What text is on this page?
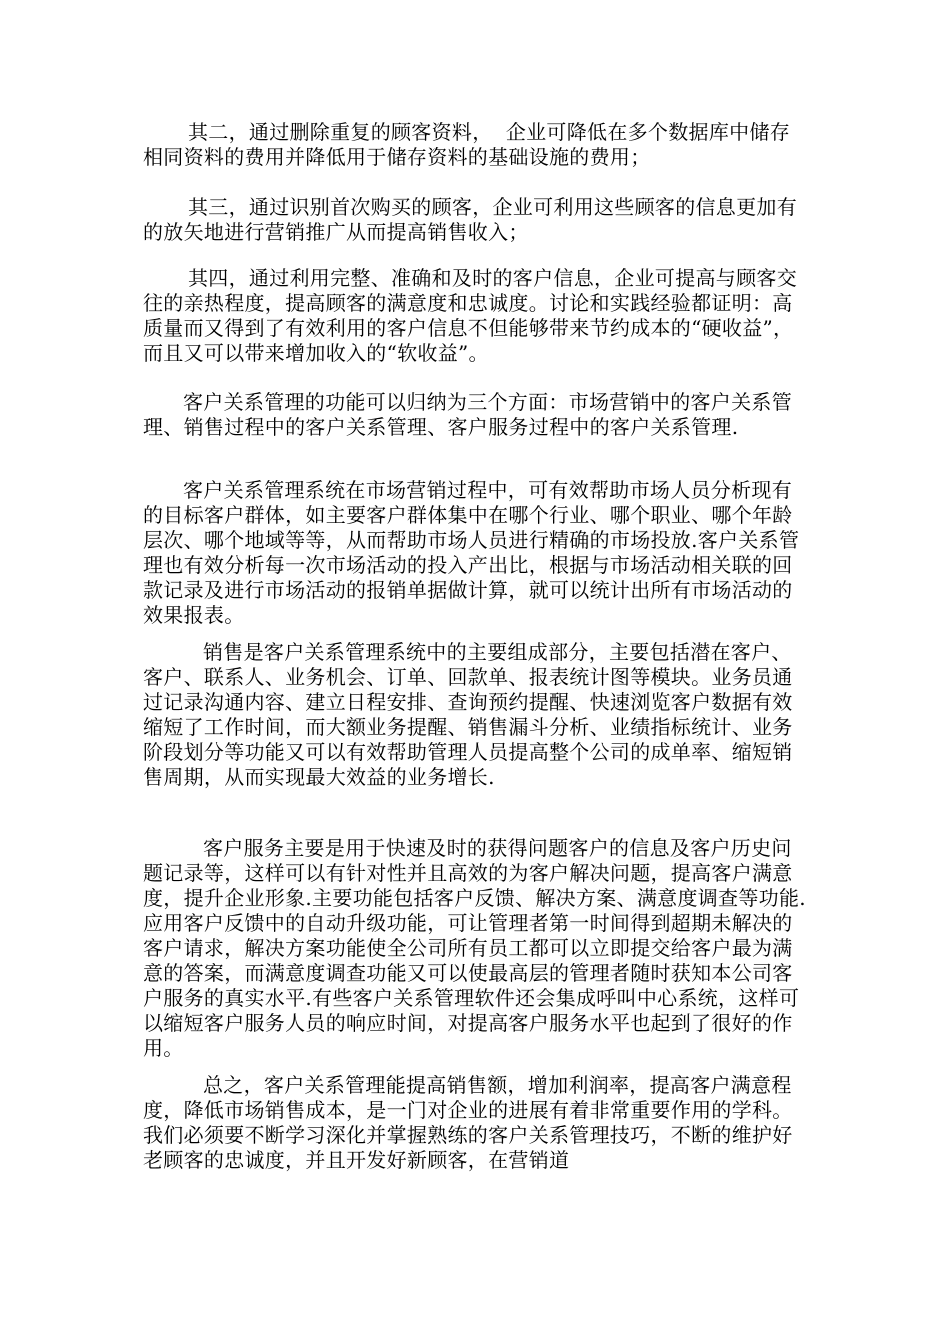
其二，通过删除重复的顾客资料，  企业可降低在多个数据库中储存相同资料的费用并降低用于储存资料的基础设施的费用；

其三，通过识别首次购买的顾客，企业可利用这些顾客的信息更加有的放矢地进行营销推广从而提高销售收入；

其四，通过利用完整、准确和及时的客户信息，企业可提高与顾客交往的亲热程度，提高顾客的满意度和忠诚度。讨论和实践经验都证明：高质量而又得到了有效利用的客户信息不但能够带来节约成本的“硬收益”，而且又可以带来增加收入的“软收益”。

客户关系管理的功能可以归纳为三个方面：市场营销中的客户关系管理、销售过程中的客户关系管理、客户服务过程中的客户关系管理.

客户关系管理系统在市场营销过程中，可有效帮助市场人员分析现有的目标客户群体，如主要客户群体集中在哪个行业、哪个职业、哪个年龄层次、哪个地域等等，从而帮助市场人员进行精确的市场投放.客户关系管理也有效分析每一次市场活动的投入产出比，根据与市场活动相关联的回款记录及进行市场活动的报销单据做计算，就可以统计出所有市场活动的效果报表。

销售是客户关系管理系统中的主要组成部分，主要包括潜在客户、客户、联系人、业务机会、订单、回款单、报表统计图等模块。业务员通过记录沟通内容、建立日程安排、查询预约提醒、快速浏览客户数据有效缩短了工作时间，而大额业务提醒、销售漏斗分析、业绩指标统计、业务阶段划分等功能又可以有效帮助管理人员提高整个公司的成单率、缩短销售周期，从而实现最大效益的业务增长.

客户服务主要是用于快速及时的获得问题客户的信息及客户历史问题记录等，这样可以有针对性并且高效的为客户解决问题，提高客户满意度，提升企业形象.主要功能包括客户反馈、解决方案、满意度调查等功能.应用客户反馈中的自动升级功能，可让管理者第一时间得到超期未解决的客户请求，解决方案功能使全公司所有员工都可以立即提交给客户最为满意的答案，而满意度调查功能又可以使最高层的管理者随时获知本公司客户服务的真实水平.有些客户关系管理软件还会集成呼叫中心系统，这样可以缩短客户服务人员的响应时间，对提高客户服务水平也起到了很好的作用。

总之，客户关系管理能提高销售额，增加利润率，提高客户满意程度，降低市场销售成本，是一门对企业的进展有着非常重要作用的学科。我们必须要不断学习深化并掌握熟练的客户关系管理技巧，不断的维护好老顾客的忠诚度，并且开发好新顾客，在营销道
